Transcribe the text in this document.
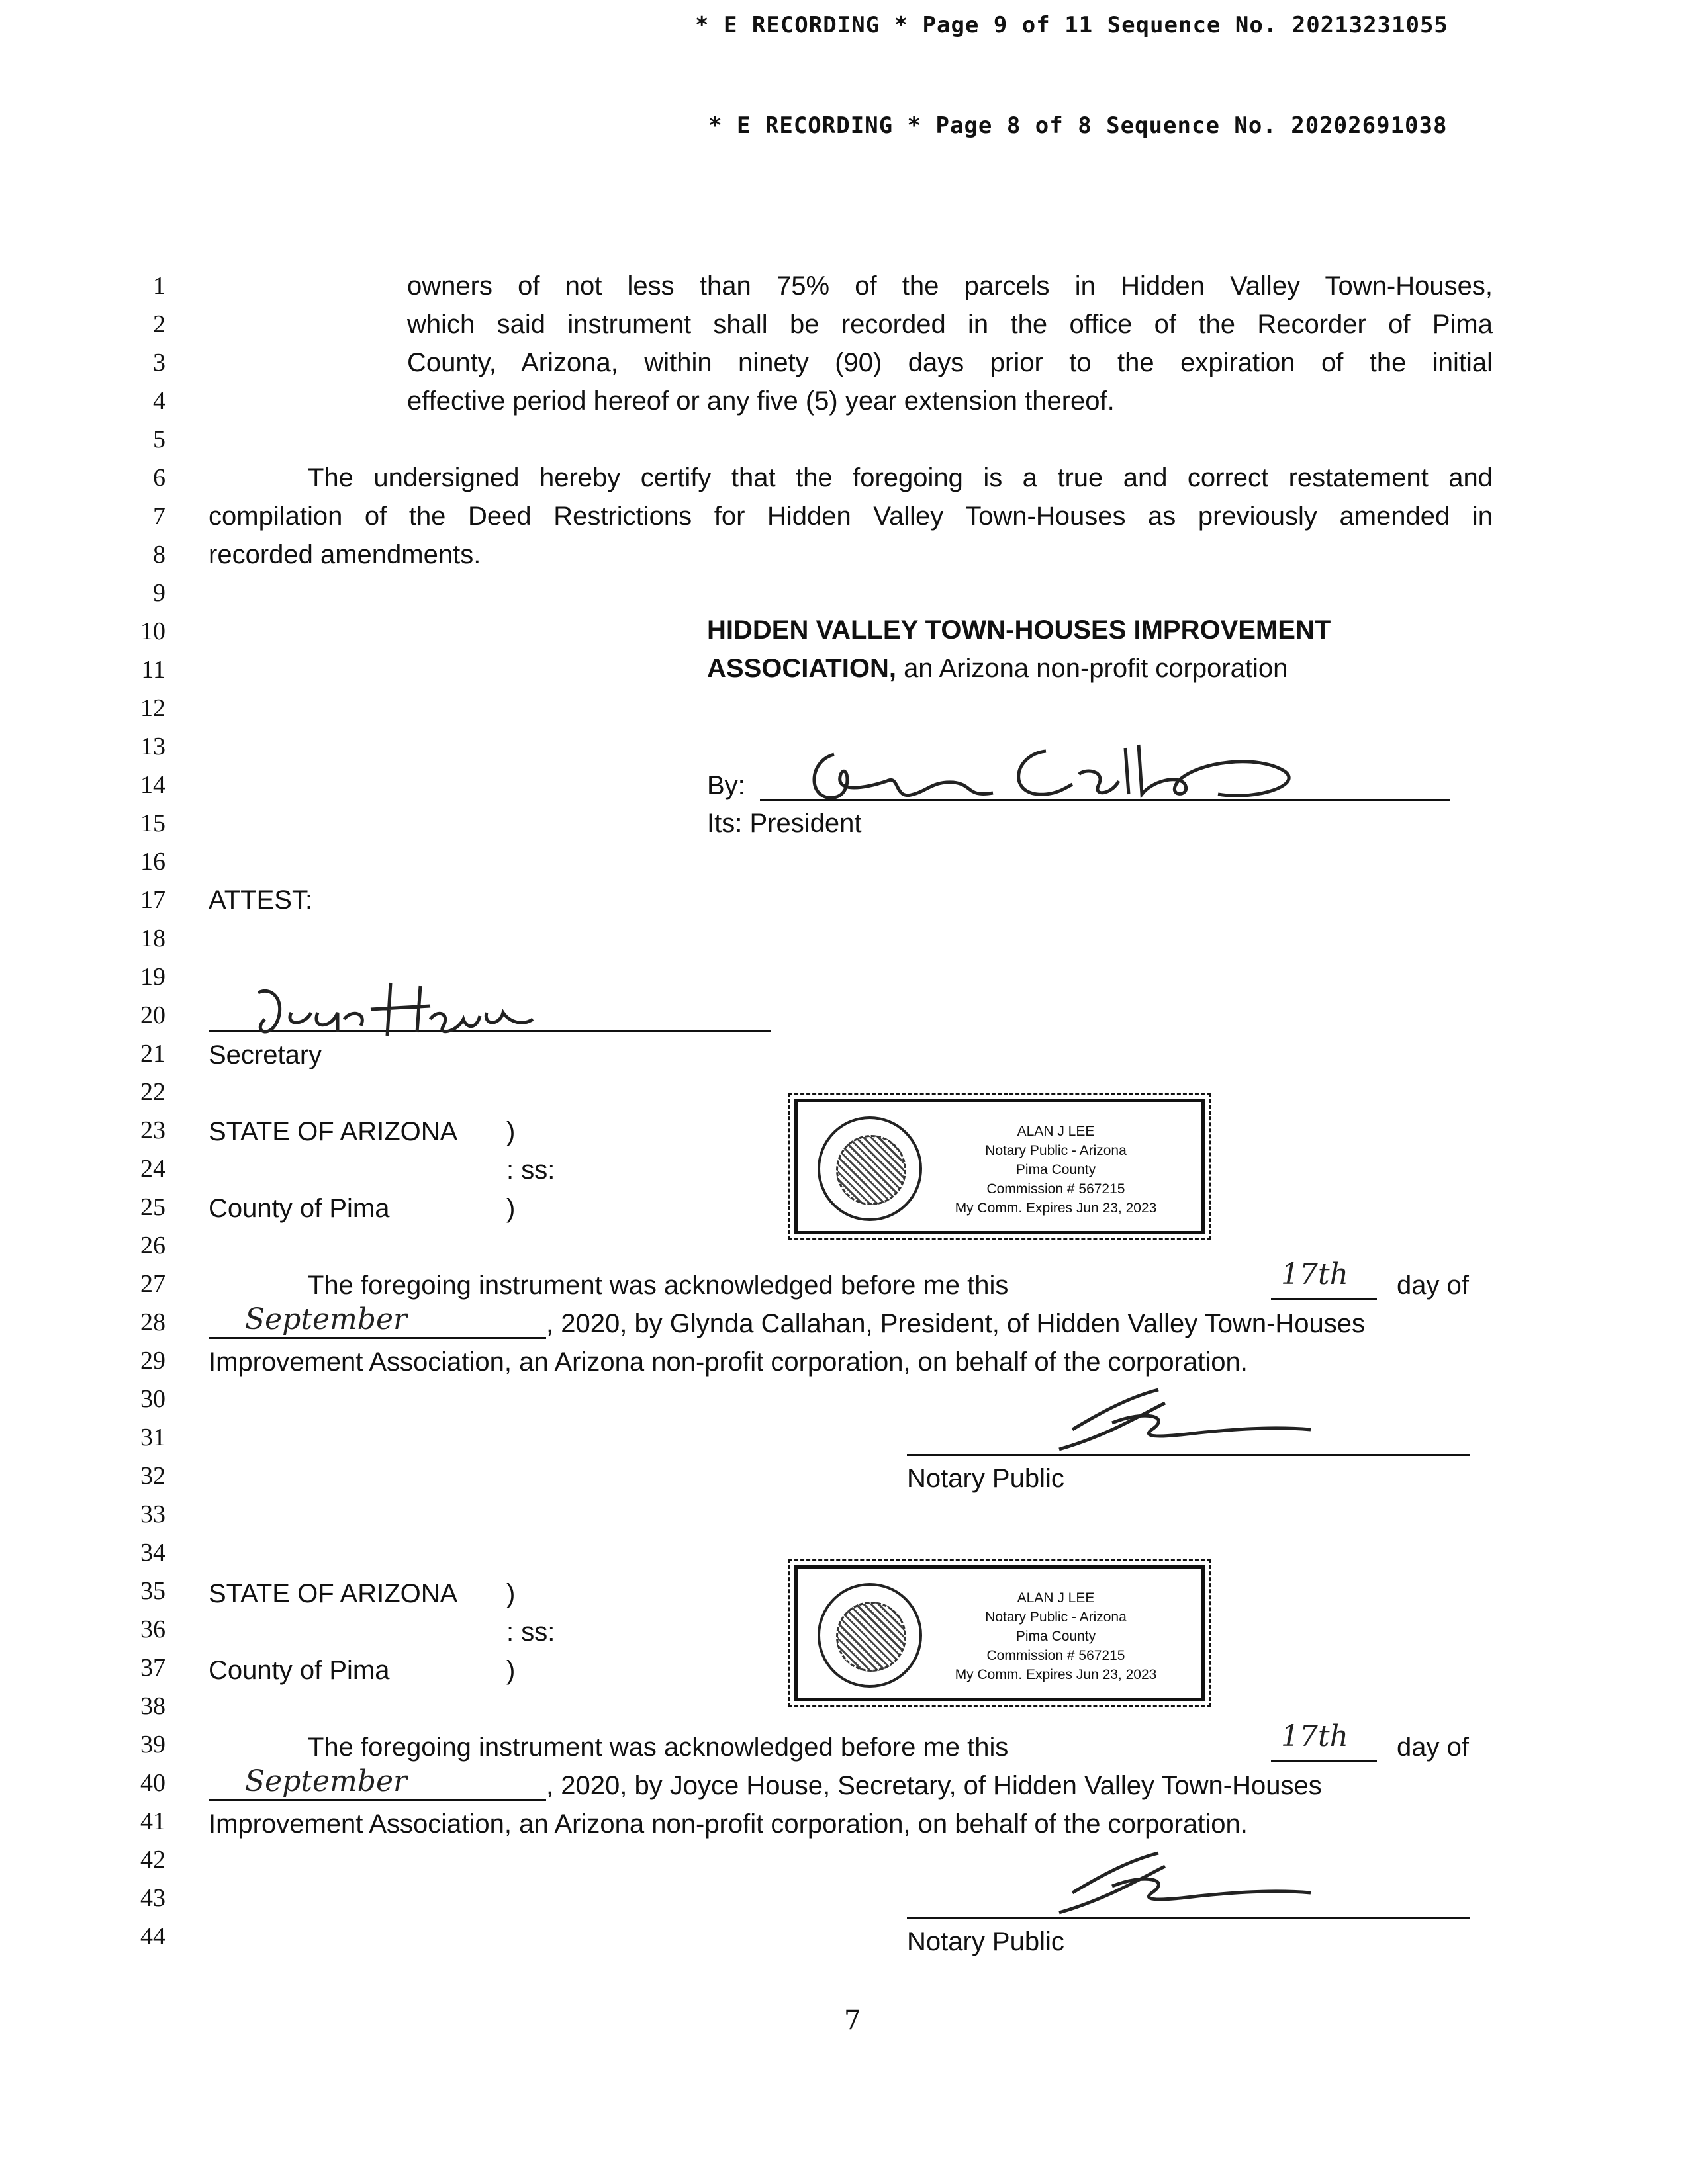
* E RECORDING * Page 9 of 11 Sequence No. 20213231055
* E RECORDING * Page 8 of 8 Sequence No. 20202691038
1
2
3
4
5
6
7
8
9
10
11
12
13
14
15
16
17
18
19
20
21
22
23
24
25
26
27
28
29
30
31
32
33
34
35
36
37
38
39
40
41
42
43
44
owners of not less than 75% of the parcels in Hidden Valley Town-Houses,
which said instrument shall be recorded in the office of the Recorder of Pima
County, Arizona, within ninety (90) days prior to the expiration of the initial
effective period hereof or any five (5) year extension thereof.
The undersigned hereby certify that the foregoing is a true and correct restatement and
compilation of the Deed Restrictions for Hidden Valley Town-Houses as previously amended in
recorded amendments.
HIDDEN VALLEY TOWN-HOUSES IMPROVEMENT
ASSOCIATION, an Arizona non-profit corporation
By:
Its: President
ATTEST:
Secretary
STATE OF ARIZONA )
: ss:
County of Pima	)
ALAN J LEE
Notary Public - Arizona
Pima County
Commission # 567215
My Comm. Expires Jun 23, 2023
The foregoing instrument was acknowledged before me this	17th day of
September	, 2020, by Glynda Callahan, President, of Hidden Valley Town-Houses
Improvement Association, an Arizona non-profit corporation, on behalf of the corporation.
Notary Public
STATE OF ARIZONA )
: ss:
County of Pima	)
ALAN J LEE
Notary Public - Arizona
Pima County
Commission # 567215
My Comm. Expires Jun 23, 2023
The foregoing instrument was acknowledged before me this	17th day of
September	, 2020, by Joyce House, Secretary, of Hidden Valley Town-Houses
Improvement Association, an Arizona non-profit corporation, on behalf of the corporation.
Notary Public
7
